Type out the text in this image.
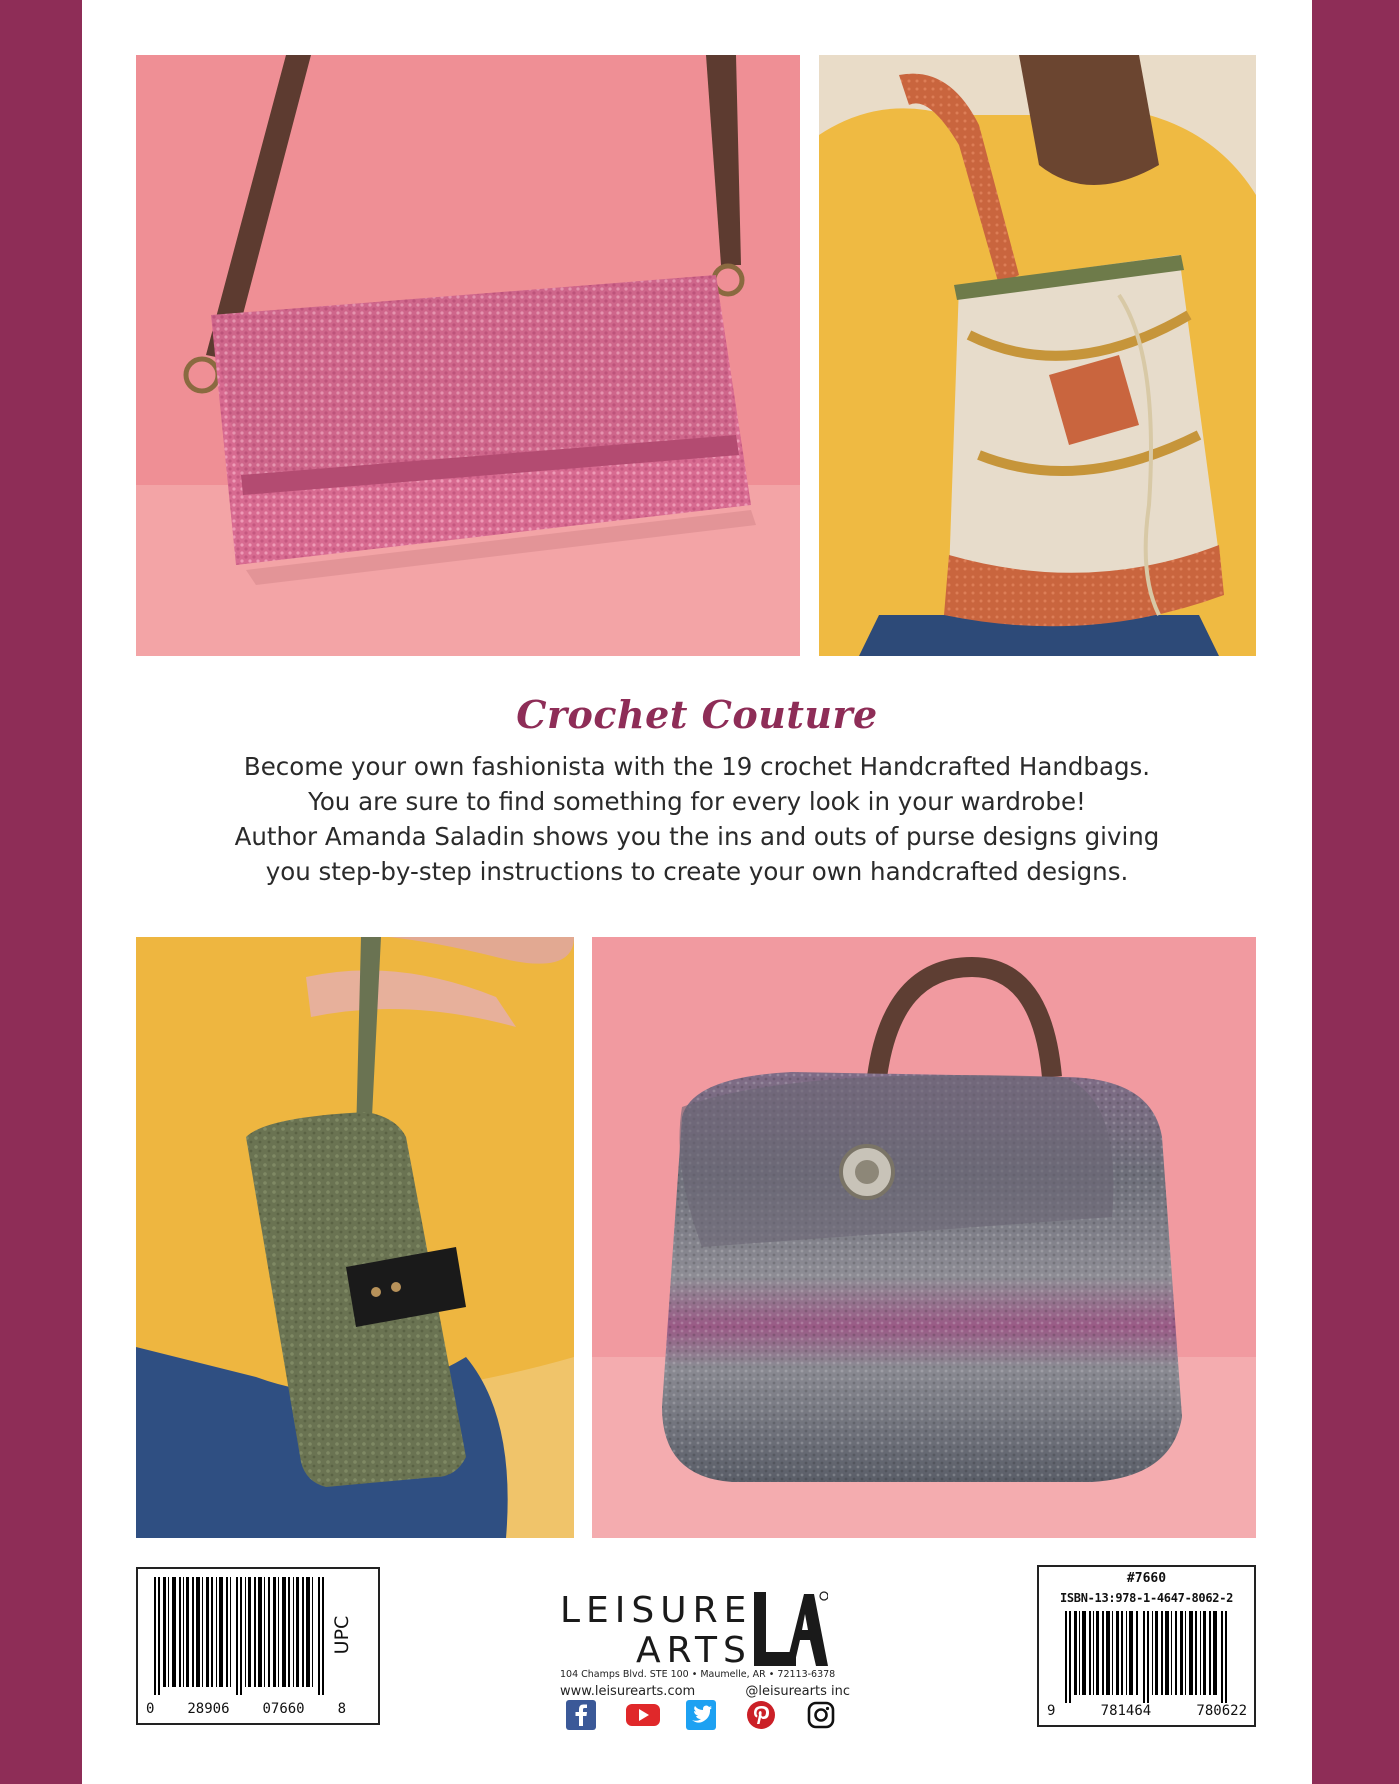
Crochet Couture

Become your own fashionista with the 19 crochet Handcrafted Handbags.

You are sure to find something for every look in your wardrobe!

Author Amanda Saladin shows you the ins and outs of purse designs giving

you step-by-step instructions to create your own handcrafted designs.

UPC
0 28906 07660 8
LEISURE
ARTS
104 Champs Blvd. STE 100 • Maumelle, AR • 72113-6378
www.leisurearts.com	@leisurearts inc
#7660
ISBN-13:978-1-4647-8062-2
9	781464	780622
